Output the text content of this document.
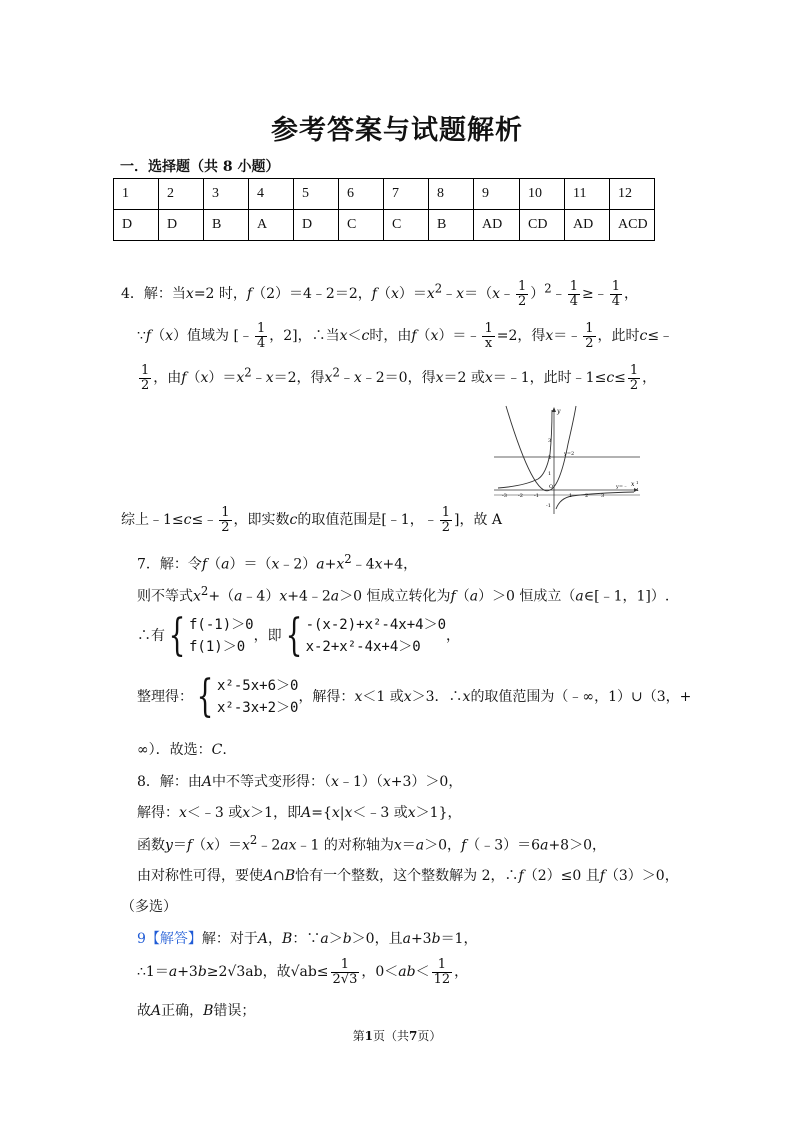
参考答案与试题解析
一．选择题（共 8 小题）
1	2	3	4	5	6	7	8	9	10	11	12
D	D	B	A	D	C	C	B	AD	CD	AD	ACD
4．解：当x=2 时，f（2）＝4﹣2＝2，$f(x)=x^2﹣x=(x﹣ \frac{1}{2}$ ）$^2$﹣ $\frac{1}{4}$ ≥﹣ $\frac{1}{4}$ ，
∵f（x）值域为 [﹣ $\frac{1}{4}$ ，2]，∴当x＜c时，由f（x）＝﹣ $\frac{1}{x} =2$，得x＝﹣ $\frac{1}{2}$ ，此时c≤﹣
$\frac{1}{2}$ ，由$f(x)=x^2﹣x=2$，得$x^2﹣x﹣2=0$，得x＝2 或x＝﹣1，此时﹣1≤c≤ $\frac{1}{2}$ ，
y
x
O
y=2
y=﹣
1
4
-3 -2 -1	1	2	3
3
2
1
-1
综上﹣1≤c≤﹣ $\frac{1}{2}$ ，即实数c的取值范围是[﹣1，﹣ $\frac{1}{2}$ ]，故 A
7．解：令$f(a)=(x﹣2)a+x^2﹣4x+4$，
则不等式$x^2+(a﹣4)x+4﹣2a>0$ 恒成立转化为f（a）＞0 恒成立（a∈[﹣1，1]）.
∴有{ f(-1)＞0
f(1)＞0，即{ -(x-2)+x²-4x+4＞0
x-2+x²-4x+4＞0，
整理得：{ x²-5x+6＞0
x²-3x+2＞0，解得：x＜1 或x＞3．∴x的取值范围为（﹣∞，1）∪（3，+
∞）．故选：C.
8．解：由A中不等式变形得：（x﹣1）（x+3）＞0，
解得：x＜﹣3 或x＞1，即A={x|x＜﹣3 或x＞1}，
函数$y=f(x)=x^2﹣2ax﹣1$ 的对称轴为x＝a＞0，f（﹣3）＝6a+8＞0，
由对称性可得，要使A∩B恰有一个整数，这个整数解为 2，∴f（2）≤0 且f（3）＞0，
（多选）
9【解答】解：对于A，B：∵a＞b＞0，且a+3b＝1，
∴1＝a+3b≥2√3ab，故$√ab\le \frac{1}{2√3}$ ，$0<ab< \frac{1}{12}$ ，
故A正确，B错误；
第1页（共7页）
